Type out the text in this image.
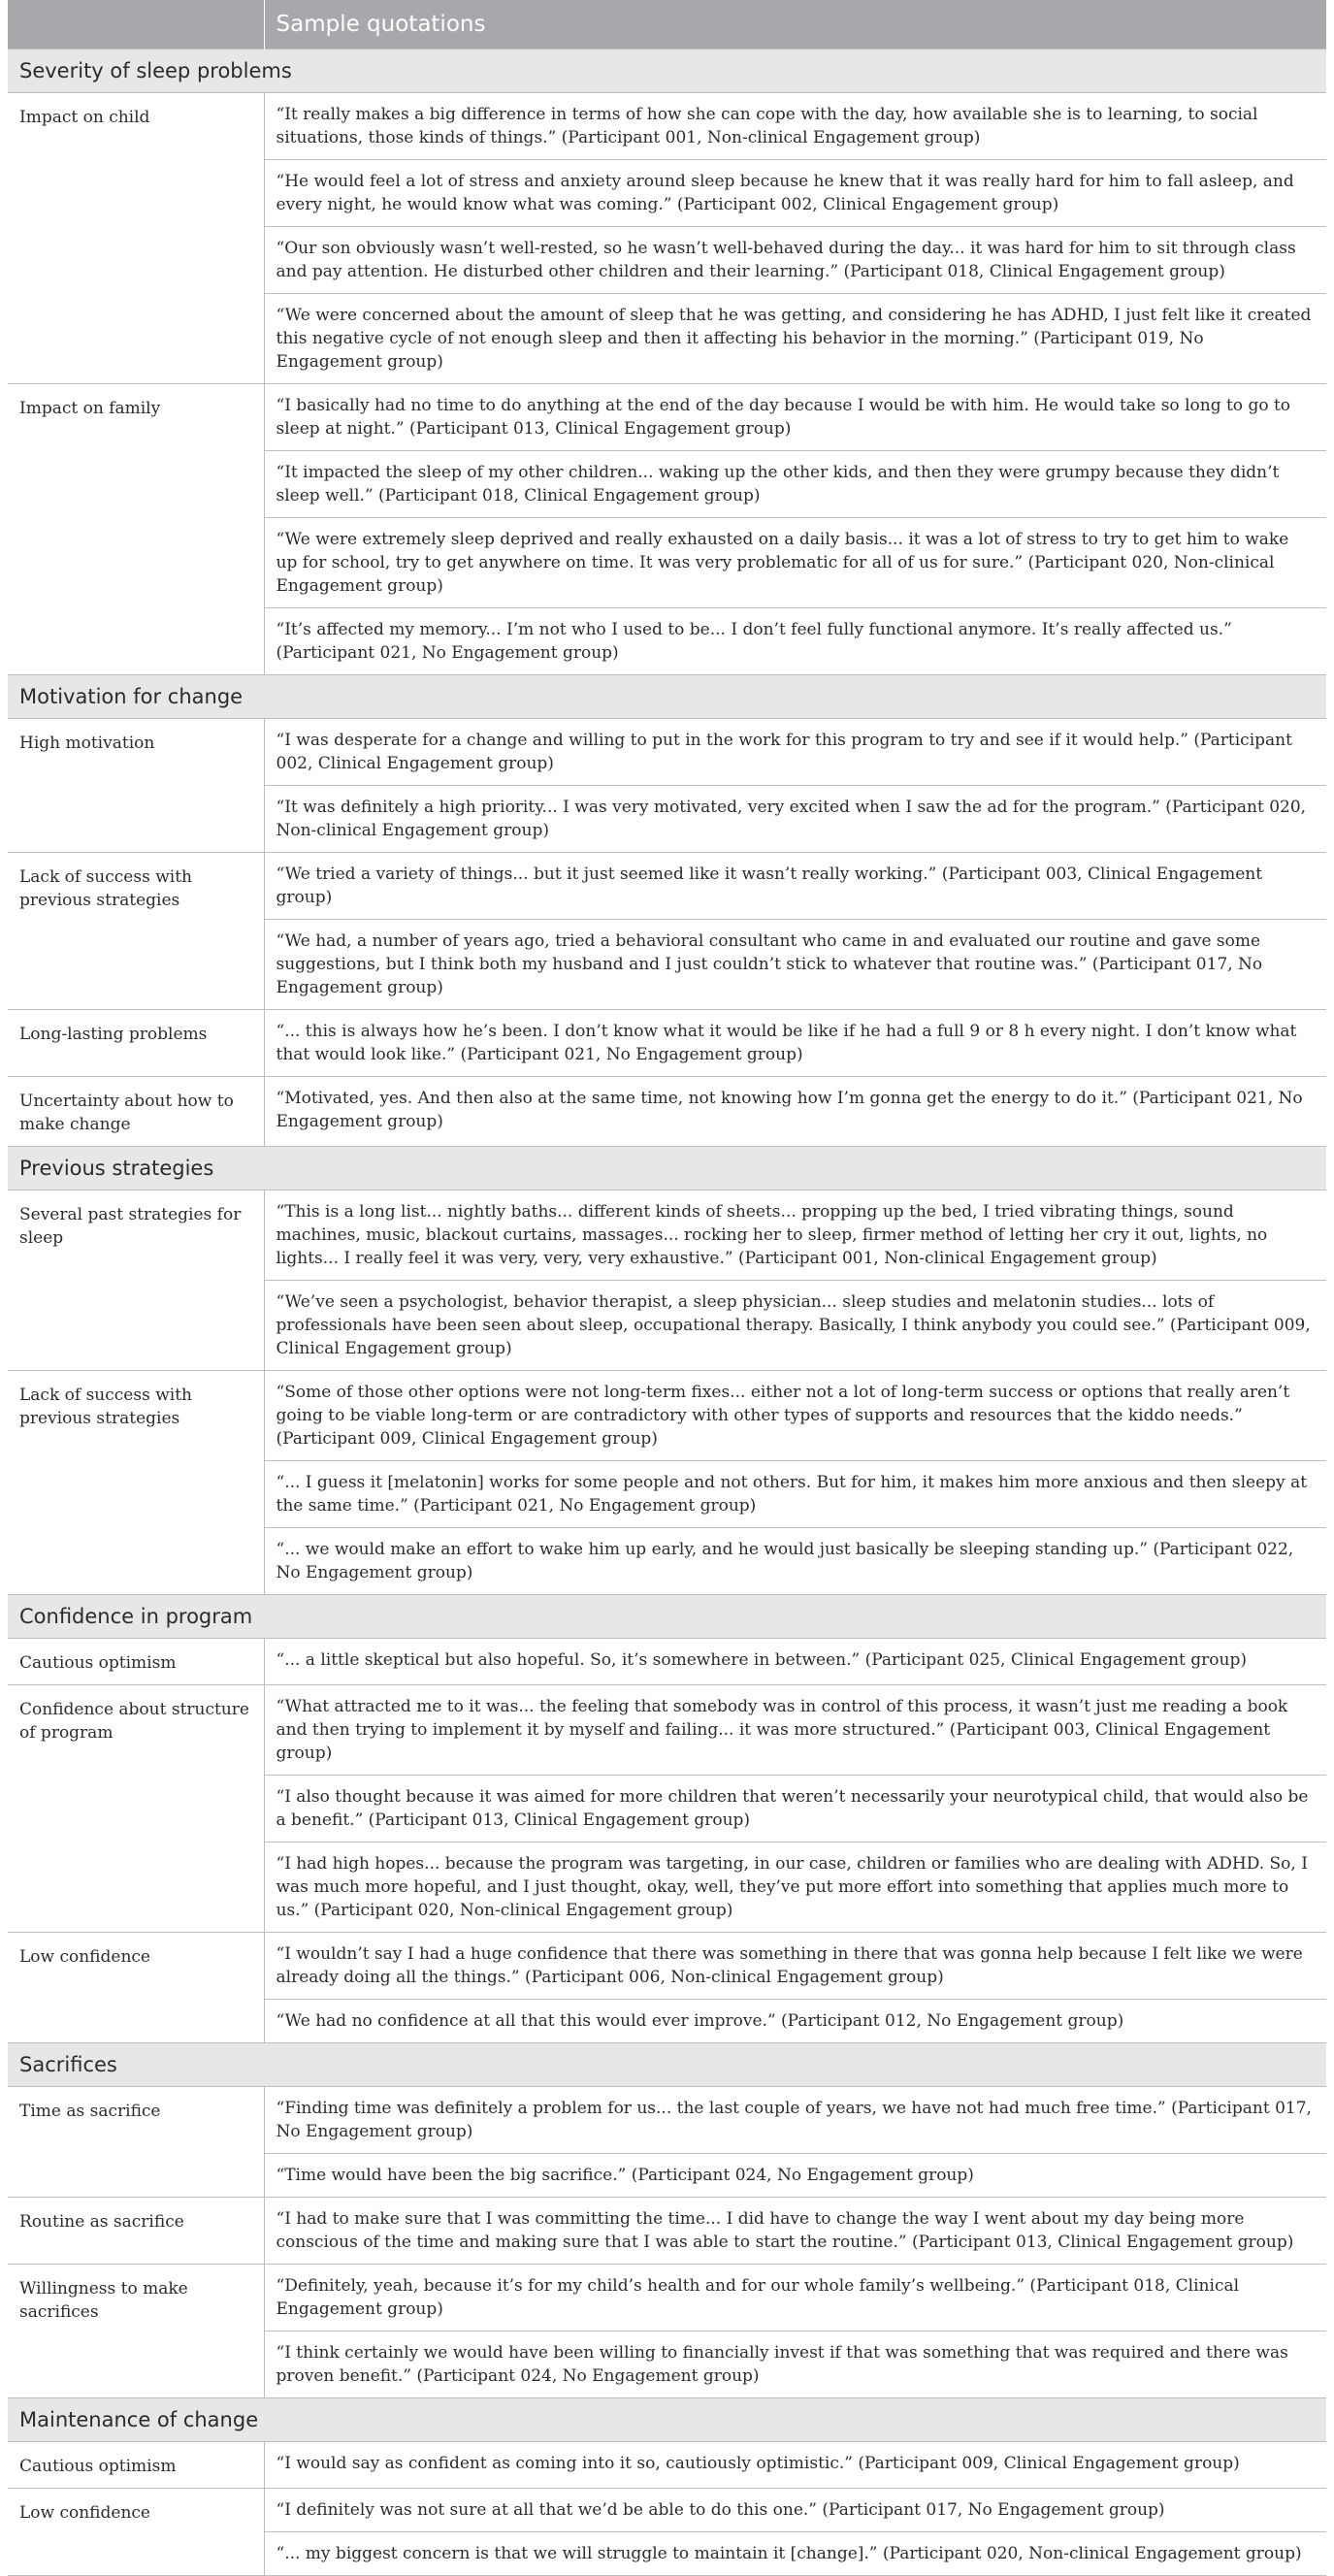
	Sample quotations
Severity of sleep problems	
Impact on child	“It really makes a big difference in terms of how she can cope with the day, how available she is to learning, to social situations, those kinds of things.” (Participant 001, Non-clinical Engagement group)
	“He would feel a lot of stress and anxiety around sleep because he knew that it was really hard for him to fall asleep, and every night, he would know what was coming.” (Participant 002, Clinical Engagement group)
	“Our son obviously wasn’t well-rested, so he wasn’t well-behaved during the day... it was hard for him to sit through class and pay attention. He disturbed other children and their learning.” (Participant 018, Clinical Engagement group)
	“We were concerned about the amount of sleep that he was getting, and considering he has ADHD, I just felt like it created this negative cycle of not enough sleep and then it affecting his behavior in the morning.” (Participant 019, No Engagement group)
Impact on family	“I basically had no time to do anything at the end of the day because I would be with him. He would take so long to go to sleep at night.” (Participant 013, Clinical Engagement group)
	“It impacted the sleep of my other children... waking up the other kids, and then they were grumpy because they didn’t sleep well.” (Participant 018, Clinical Engagement group)
	“We were extremely sleep deprived and really exhausted on a daily basis... it was a lot of stress to try to get him to wake up for school, try to get anywhere on time. It was very problematic for all of us for sure.” (Participant 020, Non-clinical Engagement group)
	“It’s affected my memory... I’m not who I used to be... I don’t feel fully functional anymore. It’s really affected us.” (Participant 021, No Engagement group)
Motivation for change	
High motivation	“I was desperate for a change and willing to put in the work for this program to try and see if it would help.” (Participant 002, Clinical Engagement group)
	“It was definitely a high priority... I was very motivated, very excited when I saw the ad for the program.” (Participant 020, Non-clinical Engagement group)
Lack of success with previous strategies	“We tried a variety of things... but it just seemed like it wasn’t really working.” (Participant 003, Clinical Engagement group)
	“We had, a number of years ago, tried a behavioral consultant who came in and evaluated our routine and gave some suggestions, but I think both my husband and I just couldn’t stick to whatever that routine was.” (Participant 017, No Engagement group)
Long-lasting problems	“... this is always how he’s been. I don’t know what it would be like if he had a full 9 or 8 h every night. I don’t know what that would look like.” (Participant 021, No Engagement group)
Uncertainty about how to make change	“Motivated, yes. And then also at the same time, not knowing how I’m gonna get the energy to do it.” (Participant 021, No Engagement group)
Previous strategies	
Several past strategies for sleep	“This is a long list... nightly baths... different kinds of sheets... propping up the bed, I tried vibrating things, sound machines, music, blackout curtains, massages... rocking her to sleep, firmer method of letting her cry it out, lights, no lights... I really feel it was very, very, very exhaustive.” (Participant 001, Non-clinical Engagement group)
	“We’ve seen a psychologist, behavior therapist, a sleep physician... sleep studies and melatonin studies... lots of professionals have been seen about sleep, occupational therapy. Basically, I think anybody you could see.” (Participant 009, Clinical Engagement group)
Lack of success with previous strategies	“Some of those other options were not long-term fixes... either not a lot of long-term success or options that really aren’t going to be viable long-term or are contradictory with other types of supports and resources that the kiddo needs.” (Participant 009, Clinical Engagement group)
	“... I guess it [melatonin] works for some people and not others. But for him, it makes him more anxious and then sleepy at the same time.” (Participant 021, No Engagement group)
	“... we would make an effort to wake him up early, and he would just basically be sleeping standing up.” (Participant 022, No Engagement group)
Confidence in program	
Cautious optimism	“... a little skeptical but also hopeful. So, it’s somewhere in between.” (Participant 025, Clinical Engagement group)
Confidence about structure of program	“What attracted me to it was... the feeling that somebody was in control of this process, it wasn’t just me reading a book and then trying to implement it by myself and failing... it was more structured.” (Participant 003, Clinical Engagement group)
	“I also thought because it was aimed for more children that weren’t necessarily your neurotypical child, that would also be a benefit.” (Participant 013, Clinical Engagement group)
	“I had high hopes... because the program was targeting, in our case, children or families who are dealing with ADHD. So, I was much more hopeful, and I just thought, okay, well, they’ve put more effort into something that applies much more to us.” (Participant 020, Non-clinical Engagement group)
Low confidence	“I wouldn’t say I had a huge confidence that there was something in there that was gonna help because I felt like we were already doing all the things.” (Participant 006, Non-clinical Engagement group)
	“We had no confidence at all that this would ever improve.” (Participant 012, No Engagement group)
Sacrifices	
Time as sacrifice	“Finding time was definitely a problem for us... the last couple of years, we have not had much free time.” (Participant 017, No Engagement group)
	“Time would have been the big sacrifice.” (Participant 024, No Engagement group)
Routine as sacrifice	“I had to make sure that I was committing the time... I did have to change the way I went about my day being more conscious of the time and making sure that I was able to start the routine.” (Participant 013, Clinical Engagement group)
Willingness to make sacrifices	“Definitely, yeah, because it’s for my child’s health and for our whole family’s wellbeing.” (Participant 018, Clinical Engagement group)
	“I think certainly we would have been willing to financially invest if that was something that was required and there was proven benefit.” (Participant 024, No Engagement group)
Maintenance of change	
Cautious optimism	“I would say as confident as coming into it so, cautiously optimistic.” (Participant 009, Clinical Engagement group)
Low confidence	“I definitely was not sure at all that we’d be able to do this one.” (Participant 017, No Engagement group)
	“... my biggest concern is that we will struggle to maintain it [change].” (Participant 020, Non-clinical Engagement group)
